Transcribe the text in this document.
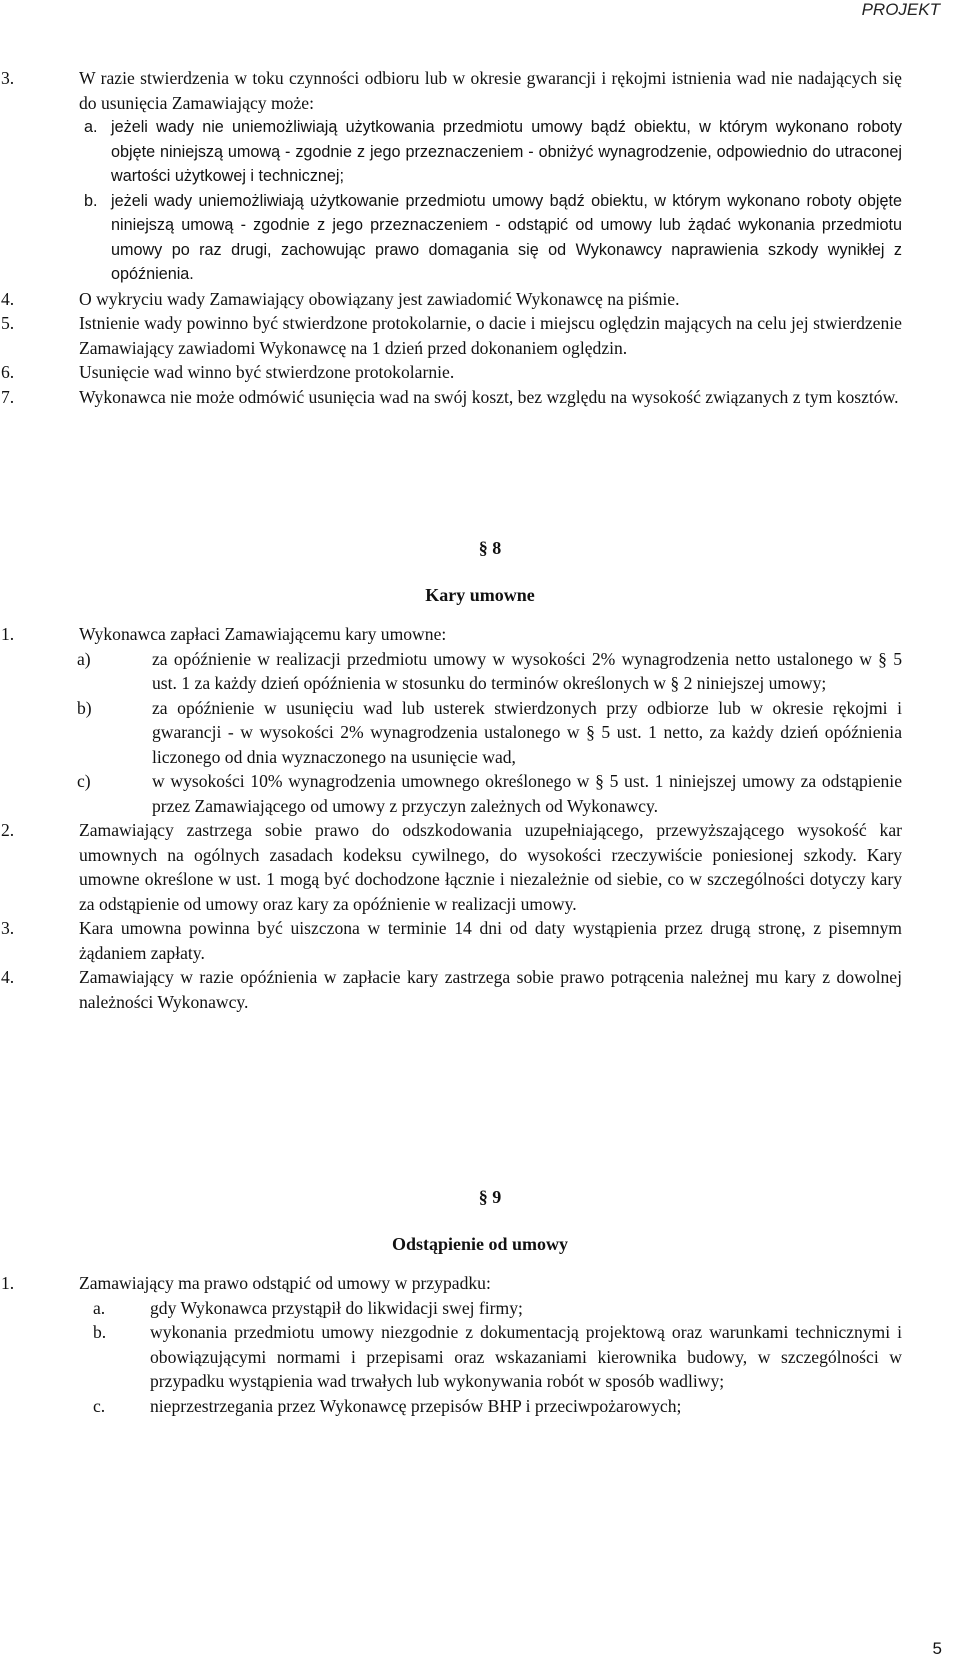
PROJEKT
3.	W razie stwierdzenia w toku czynności odbioru lub w okresie gwarancji i rękojmi istnienia wad nie nadających się do usunięcia Zamawiający może:
a. jeżeli wady nie uniemożliwiają użytkowania przedmiotu umowy bądź obiektu, w którym wykonano roboty objęte niniejszą umową - zgodnie z jego przeznaczeniem - obniżyć wynagrodzenie, odpowiednio do utraconej wartości użytkowej i technicznej;
b. jeżeli wady uniemożliwiają użytkowanie przedmiotu umowy bądź obiektu, w którym wykonano roboty objęte niniejszą umową - zgodnie z jego przeznaczeniem - odstąpić od umowy lub żądać wykonania przedmiotu umowy po raz drugi, zachowując prawo domagania się od Wykonawcy naprawienia szkody wynikłej z opóźnienia.
4.	O wykryciu wady Zamawiający obowiązany jest zawiadomić Wykonawcę na piśmie.
5.	Istnienie wady powinno być stwierdzone protokolarnie, o dacie i miejscu oględzin mających na celu jej stwierdzenie Zamawiający zawiadomi Wykonawcę na 1 dzień przed dokonaniem oględzin.
6.	Usunięcie wad winno być stwierdzone protokolarnie.
7.	Wykonawca nie może odmówić usunięcia wad na swój koszt, bez względu na wysokość związanych z tym kosztów.
§ 8
Kary umowne
1.	Wykonawca zapłaci Zamawiającemu kary umowne:
a)	za opóźnienie w realizacji przedmiotu umowy w wysokości 2% wynagrodzenia netto ustalonego w § 5 ust. 1 za każdy dzień opóźnienia w stosunku do terminów określonych w § 2 niniejszej umowy;
b)	za opóźnienie w usunięciu wad lub usterek stwierdzonych przy odbiorze lub w okresie rękojmi i gwarancji - w wysokości 2% wynagrodzenia ustalonego w § 5 ust. 1 netto, za każdy dzień opóźnienia liczonego od dnia wyznaczonego na usunięcie wad,
c)	w wysokości 10% wynagrodzenia umownego określonego w § 5 ust. 1 niniejszej umowy za odstąpienie przez Zamawiającego od umowy z przyczyn zależnych od Wykonawcy.
2.	Zamawiający zastrzega sobie prawo do odszkodowania uzupełniającego, przewyższającego wysokość kar umownych na ogólnych zasadach kodeksu cywilnego, do wysokości rzeczywiście poniesionej szkody. Kary umowne określone w ust. 1 mogą być dochodzone łącznie i niezależnie od siebie, co w szczególności dotyczy kary za odstąpienie od umowy oraz kary za opóźnienie w realizacji umowy.
3.	Kara umowna powinna być uiszczona w terminie 14 dni od daty wystąpienia przez drugą stronę, z pisemnym żądaniem zapłaty.
4.	Zamawiający w razie opóźnienia w zapłacie kary zastrzega sobie prawo potrącenia należnej mu kary z dowolnej należności Wykonawcy.
§ 9
Odstąpienie od umowy
1.	Zamawiający ma prawo odstąpić od umowy w przypadku:
a.	gdy Wykonawca przystąpił do likwidacji swej firmy;
b. wykonania przedmiotu umowy niezgodnie z dokumentacją projektową oraz warunkami technicznymi i obowiązującymi normami i przepisami oraz wskazaniami kierownika budowy, w szczególności w przypadku wystąpienia wad trwałych lub wykonywania robót w sposób wadliwy;
c.	nieprzestrzegania przez Wykonawcę przepisów BHP i przeciwpożarowych;
5
